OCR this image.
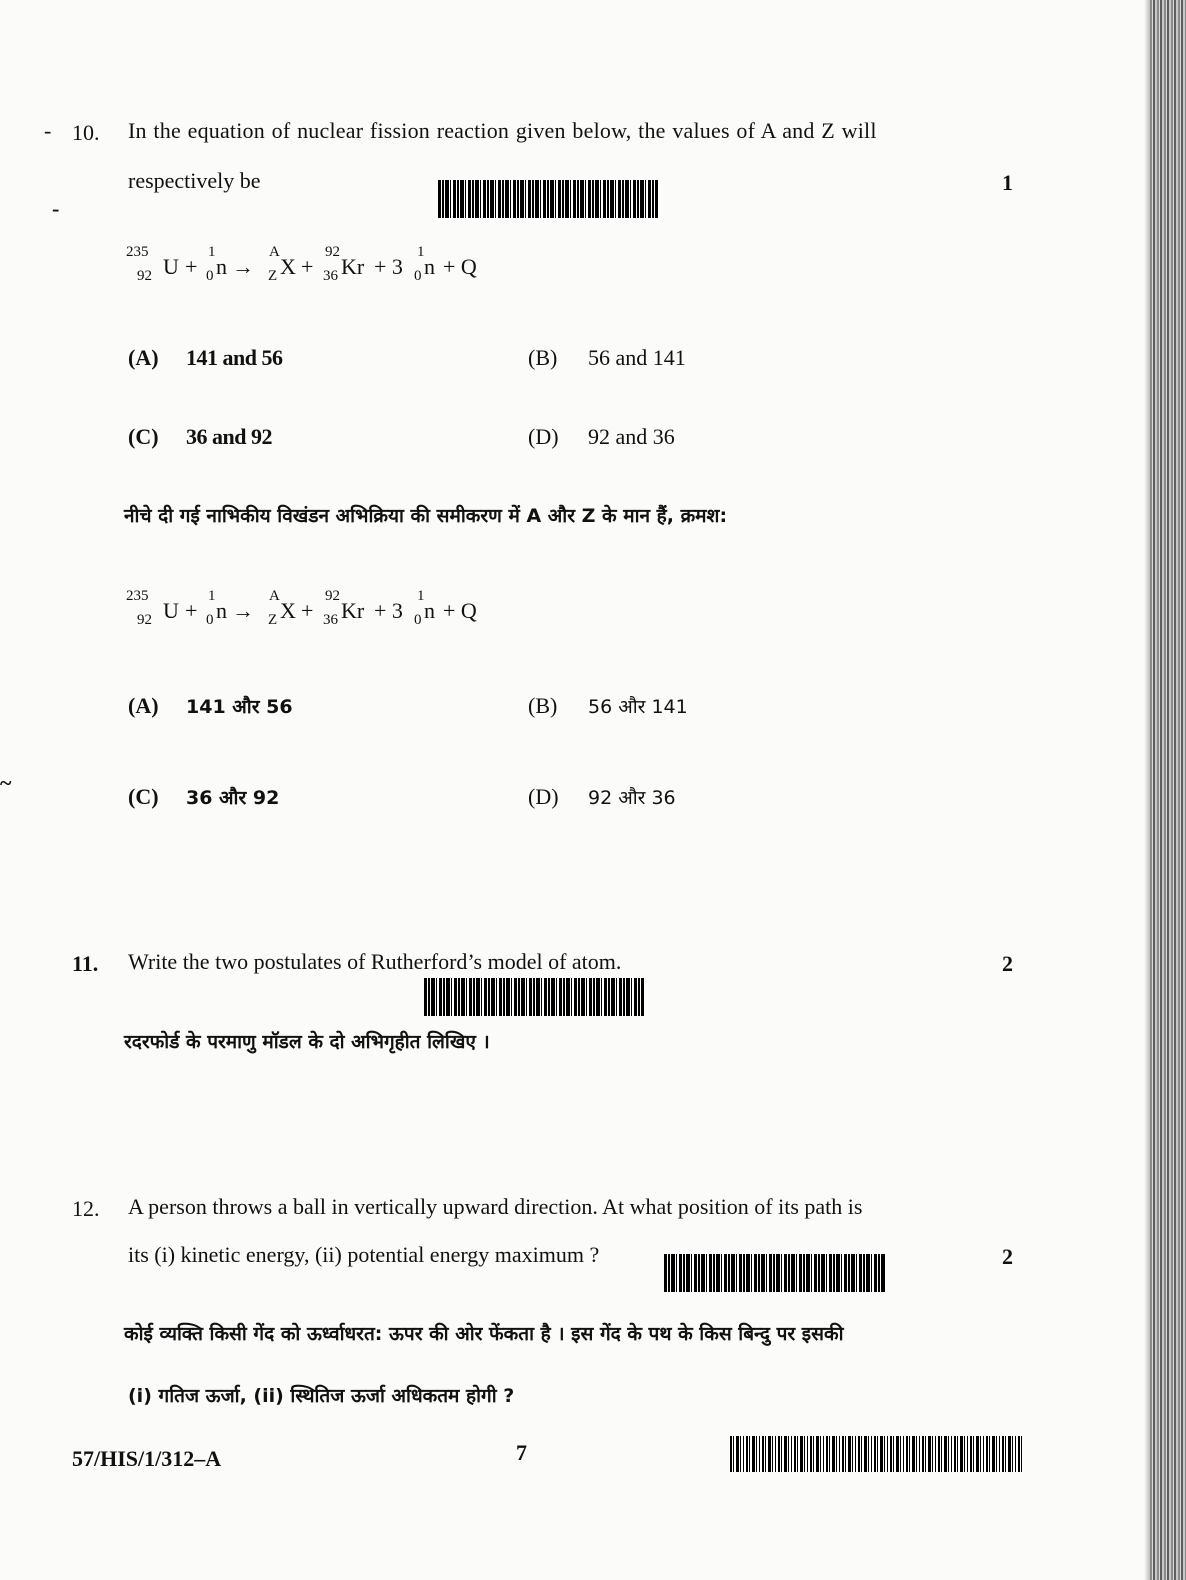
- 10. In the equation of nuclear fission reaction given below, the values of A and Z will
respectively be	1
-
235
92 U +
1
0 n →
A
Z X +
92
36 Kr + 3
1
0 n + Q
(A) 141 and 56	(B) 56 and 141
(C) 36 and 92	(D) 92 and 36
नीचे दी गई नाभिकीय विखंडन अभिक्रिया की समीकरण में A और Z के मान हैं, क्रमश:
235
92 U +
1
0 n →
A
Z X +
92
36 Kr + 3
1
0 n + Q
(A) 141 और 56	(B) 56 और 141
(C) 36 और 92	(D) 92 और 36
~
11. Write the two postulates of Rutherford’s model of atom.	2
रदरफोर्ड के परमाणु मॉडल के दो अभिगृहीत लिखिए ।
12. A person throws a ball in vertically upward direction. At what position of its path is
its (i) kinetic energy, (ii) potential energy maximum ?	2
कोई व्यक्ति किसी गेंद को ऊर्ध्वाधरत: ऊपर की ओर फेंकता है । इस गेंद के पथ के किस बिन्दु पर इसकी
(i) गतिज ऊर्जा, (ii) स्थितिज ऊर्जा अधिकतम होगी ?
57/HIS/1/312–A	7
